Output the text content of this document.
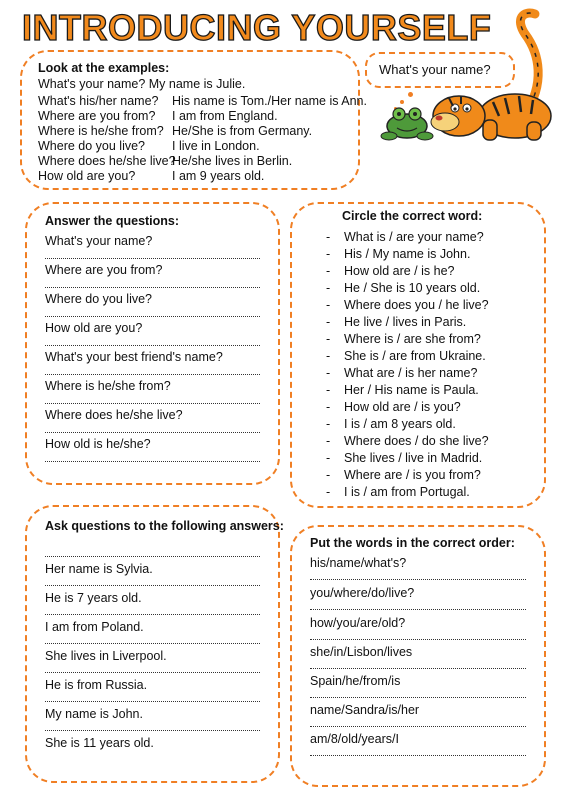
INTRODUCING YOURSELF
What's your name?
Look at the examples:
What's your name? My name is Julie.
What's his/her name? His name is Tom./Her name is Ann.
Where are you from? I am from England.
Where is he/she from? He/She is from Germany.
Where do you live? I live in London.
Where does he/she live?
He/she lives in Berlin.
How old are you?	I am 9 years old.
Answer the questions:
What's your name?
Where are you from?
Where do you live?
How old are you?
What's your best friend's name?
Where is he/she from?
Where does he/she live?
How old is he/she?
Circle the correct word:
- What is / are your name?
- His / My name is John.
- How old are / is he?
- He / She is 10 years old.
- Where does you / he live?
- He live / lives in Paris.
- Where is / are she from?
- She is / are from Ukraine.
- What are / is her name?
- Her / His name is Paula.
- How old are / is you?
- I is / am 8 years old.
- Where does / do she live?
- She lives / live in Madrid.
- Where are / is you from?
- I is / am from Portugal.
Ask questions to the following answers:
Her name is Sylvia.
He is 7 years old.
I am from Poland.
She lives in Liverpool.
He is from Russia.
My name is John.
She is 11 years old.
Put the words in the correct order:
his/name/what's?
you/where/do/live?
how/you/are/old?
she/in/Lisbon/lives
Spain/he/from/is
name/Sandra/is/her
am/8/old/years/I
